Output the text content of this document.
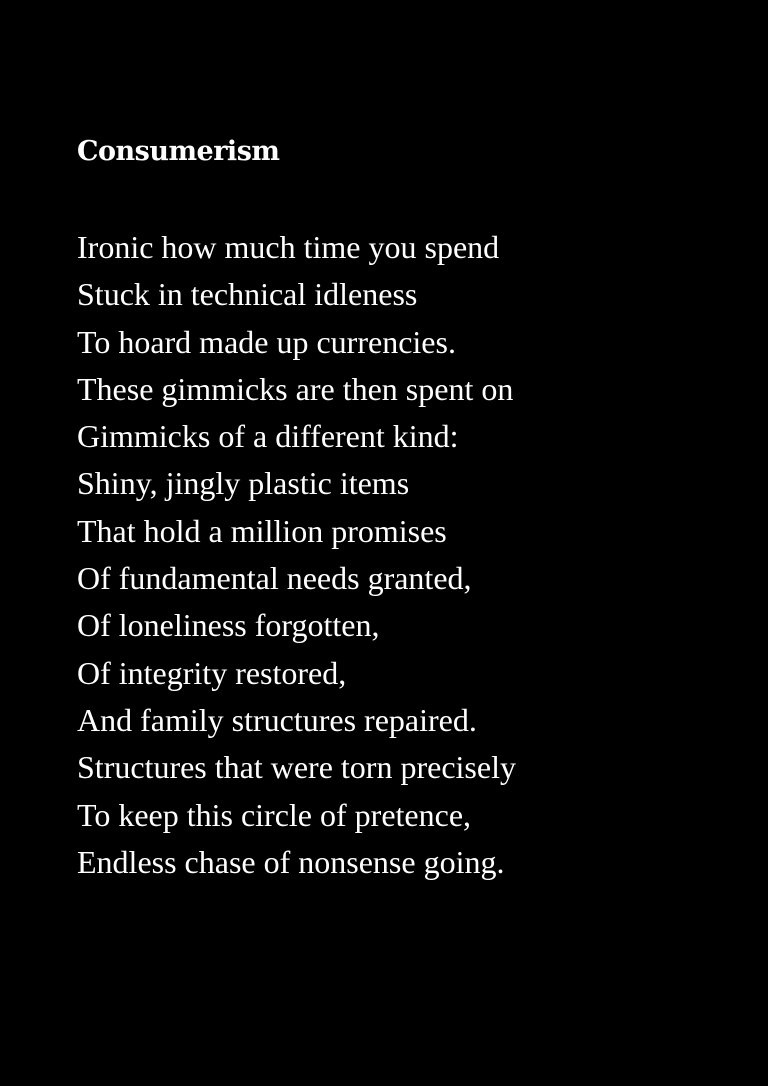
Consumerism
Ironic how much time you spend
Stuck in technical idleness
To hoard made up currencies.
These gimmicks are then spent on
Gimmicks of a different kind:
Shiny, jingly plastic items
That hold a million promises
Of fundamental needs granted,
Of loneliness forgotten,
Of integrity restored,
And family structures repaired.
Structures that were torn precisely
To keep this circle of pretence,
Endless chase of nonsense going.
